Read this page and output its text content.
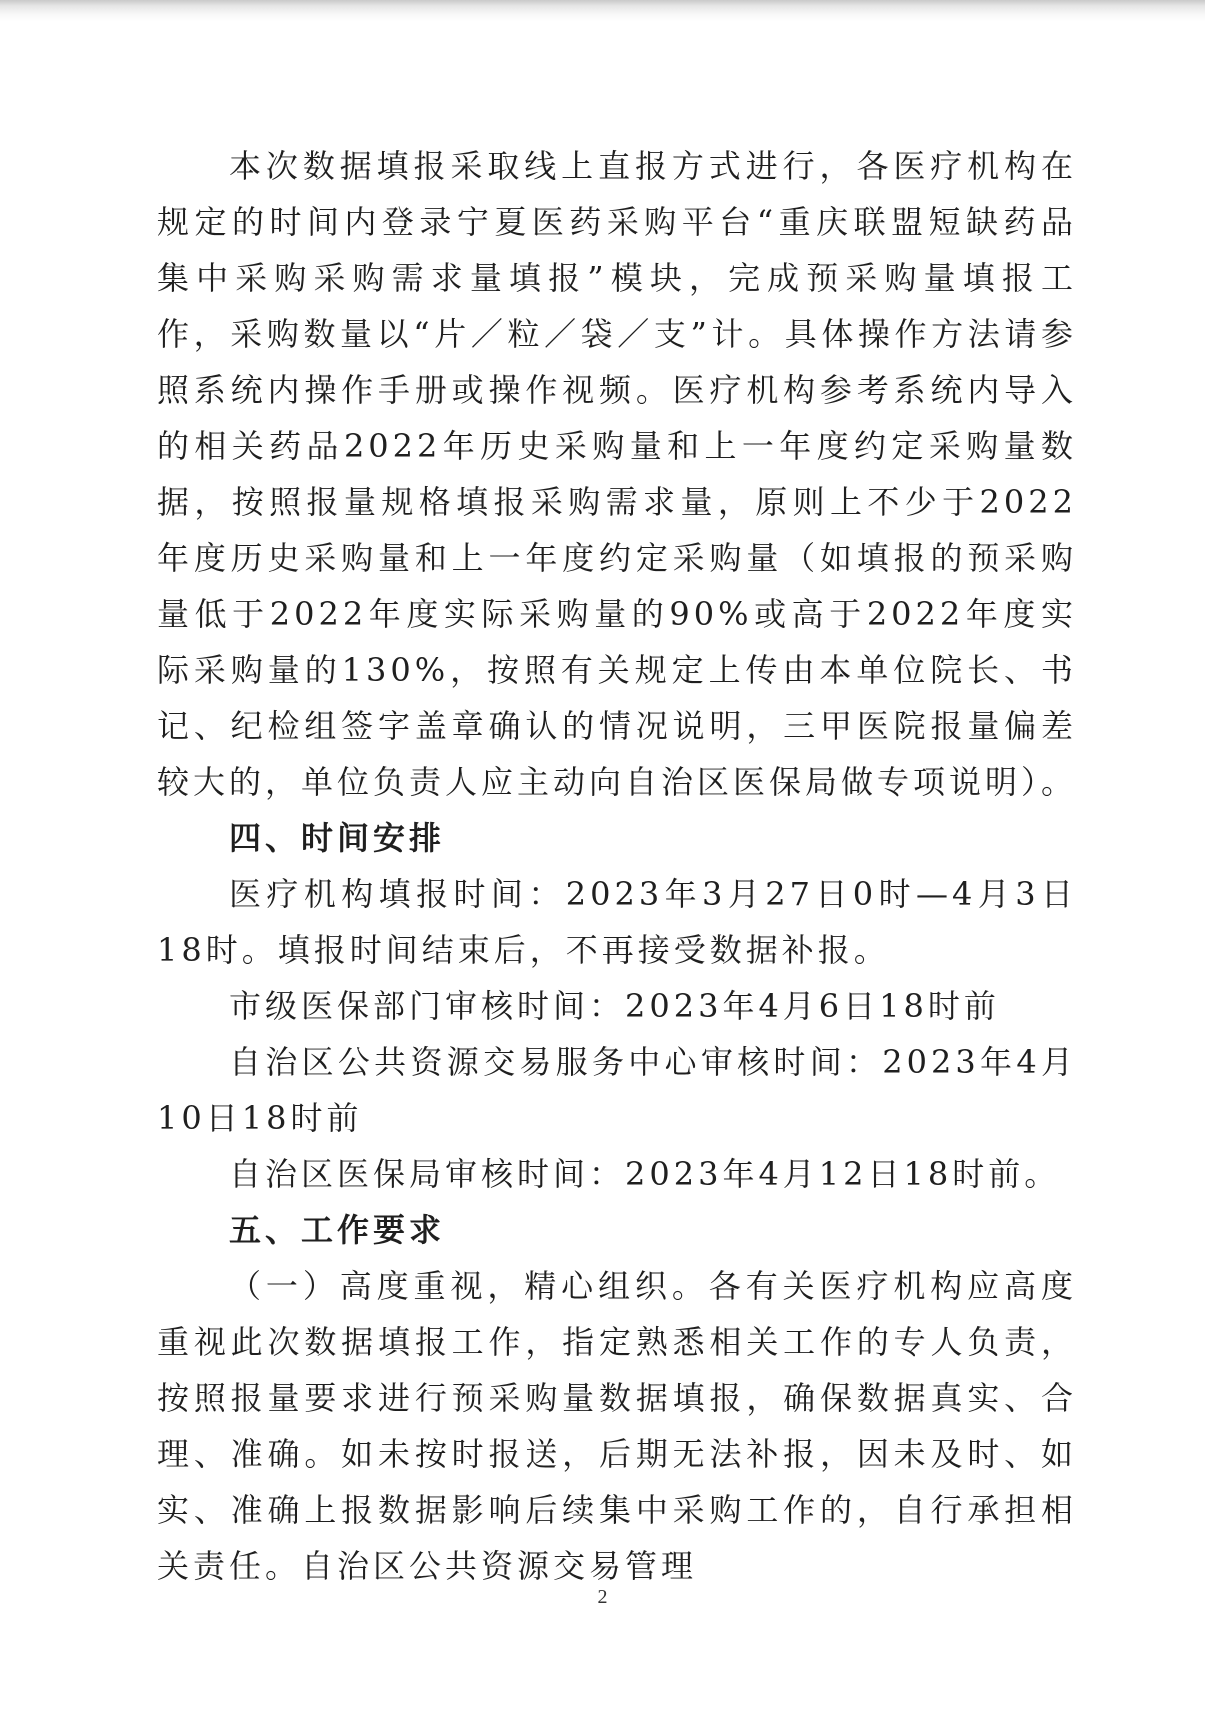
本次数据填报采取线上直报方式进行，各医疗机构在规定的时间内登录宁夏医药采购平台“重庆联盟短缺药品集中采购采购需求量填报”模块，完成预采购量填报工作，采购数量以“片／粒／袋／支”计。具体操作方法请参照系统内操作手册或操作视频。医疗机构参考系统内导入的相关药品2022年历史采购量和上一年度约定采购量数据，按照报量规格填报采购需求量，原则上不少于2022年度历史采购量和上一年度约定采购量（如填报的预采购量低于2022年度实际采购量的90%或高于2022年度实际采购量的130%，按照有关规定上传由本单位院长、书记、纪检组签字盖章确认的情况说明，三甲医院报量偏差较大的，单位负责人应主动向自治区医保局做专项说明）。

四、时间安排

医疗机构填报时间：2023年3月27日0时—4月3日18时。填报时间结束后，不再接受数据补报。

市级医保部门审核时间：2023年4月6日18时前

自治区公共资源交易服务中心审核时间：2023年4月10日18时前

自治区医保局审核时间：2023年4月12日18时前。

五、工作要求

（一）高度重视，精心组织。各有关医疗机构应高度重视此次数据填报工作，指定熟悉相关工作的专人负责，按照报量要求进行预采购量数据填报，确保数据真实、合理、准确。如未按时报送，后期无法补报，因未及时、如实、准确上报数据影响后续集中采购工作的，自行承担相关责任。自治区公共资源交易管理

2
